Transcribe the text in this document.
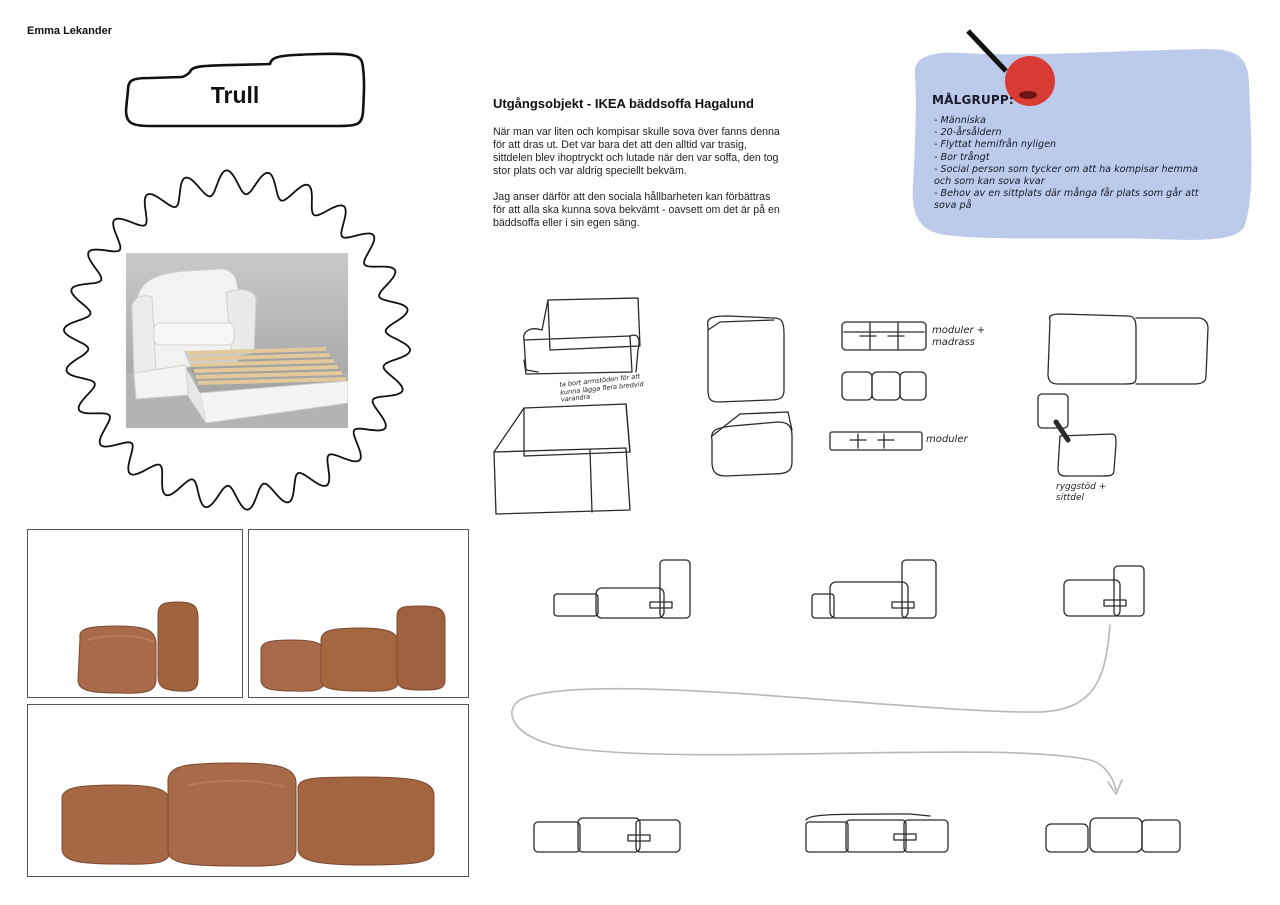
Emma Lekander
Trull	Utgångsobjekt - IKEA bäddsoffa Hagalund

När man var liten och kompisar skulle sova över fanns denna för att dras ut. Det var bara det att den alltid var trasig, sittdelen blev ihoptryckt och lutade när den var soffa, den tog stor plats och var aldrig speciellt bekväm.

Jag anser därför att den sociala hållbarheten kan förbättras för att alla ska kunna sova bekvämt - oavsett om det är på en bäddsoffa eller i sin egen säng.

MÅLGRUPP:
- Människa
- 20-årsåldern
- Flyttat hemifrån nyligen
- Bor trångt
- Social person som tycker om att ha kompisar hemma och som kan sova kvar
- Behov av en sittplats där många får plats som går att sova på
ta bort armstöden för att kunna lägga flera bredvid varandra
moduler + madrass
moduler
ryggstöd + sittdel
